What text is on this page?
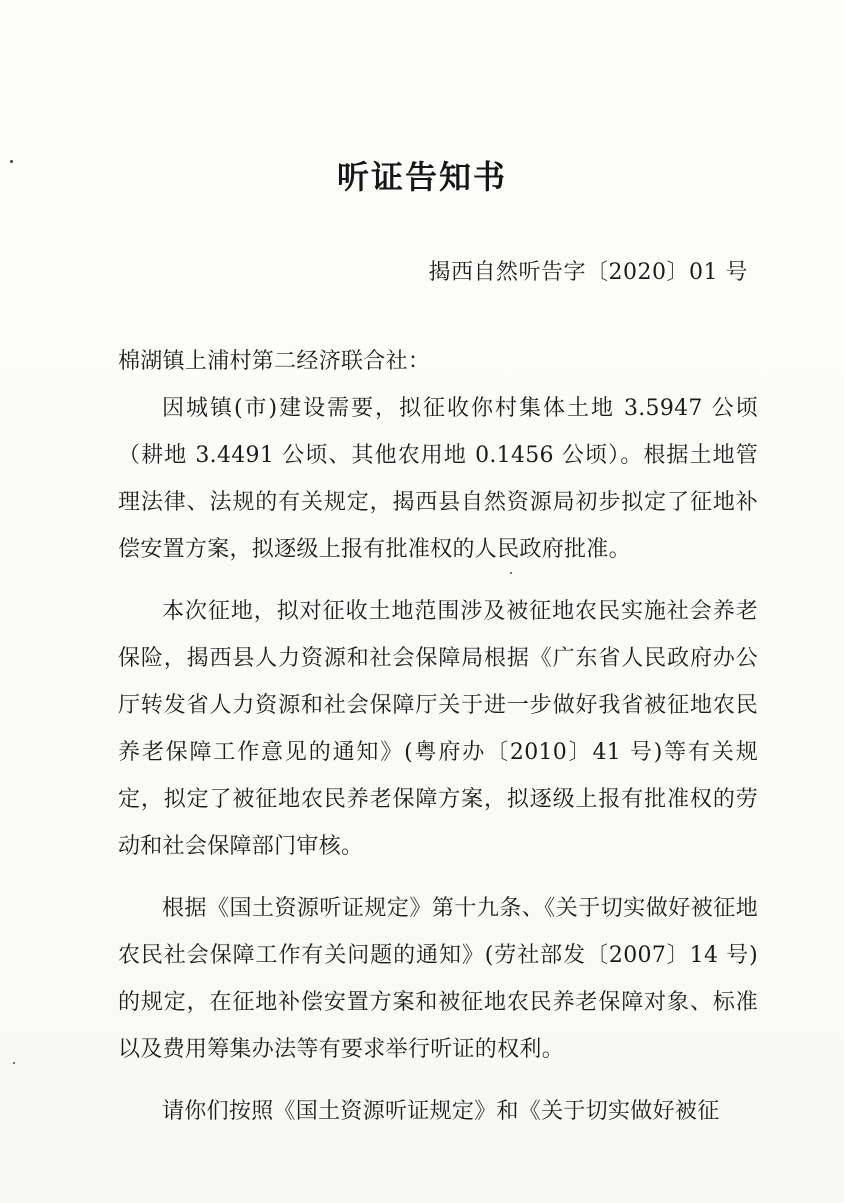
听证告知书
揭西自然听告字〔2020〕01 号

棉湖镇上浦村第二经济联合社：

因城镇(市)建设需要，拟征收你村集体土地 3.5947 公顷（耕地 3.4491 公顷、其他农用地 0.1456 公顷）。根据土地管理法律、法规的有关规定，揭西县自然资源局初步拟定了征地补偿安置方案，拟逐级上报有批准权的人民政府批准。

本次征地，拟对征收土地范围涉及被征地农民实施社会养老保险，揭西县人力资源和社会保障局根据《广东省人民政府办公厅转发省人力资源和社会保障厅关于进一步做好我省被征地农民养老保障工作意见的通知》(粤府办〔2010〕41 号)等有关规定，拟定了被征地农民养老保障方案，拟逐级上报有批准权的劳动和社会保障部门审核。

根据《国土资源听证规定》第十九条、《关于切实做好被征地农民社会保障工作有关问题的通知》(劳社部发〔2007〕14 号)的规定，在征地补偿安置方案和被征地农民养老保障对象、标准以及费用筹集办法等有要求举行听证的权利。

请你们按照《国土资源听证规定》和《关于切实做好被征
